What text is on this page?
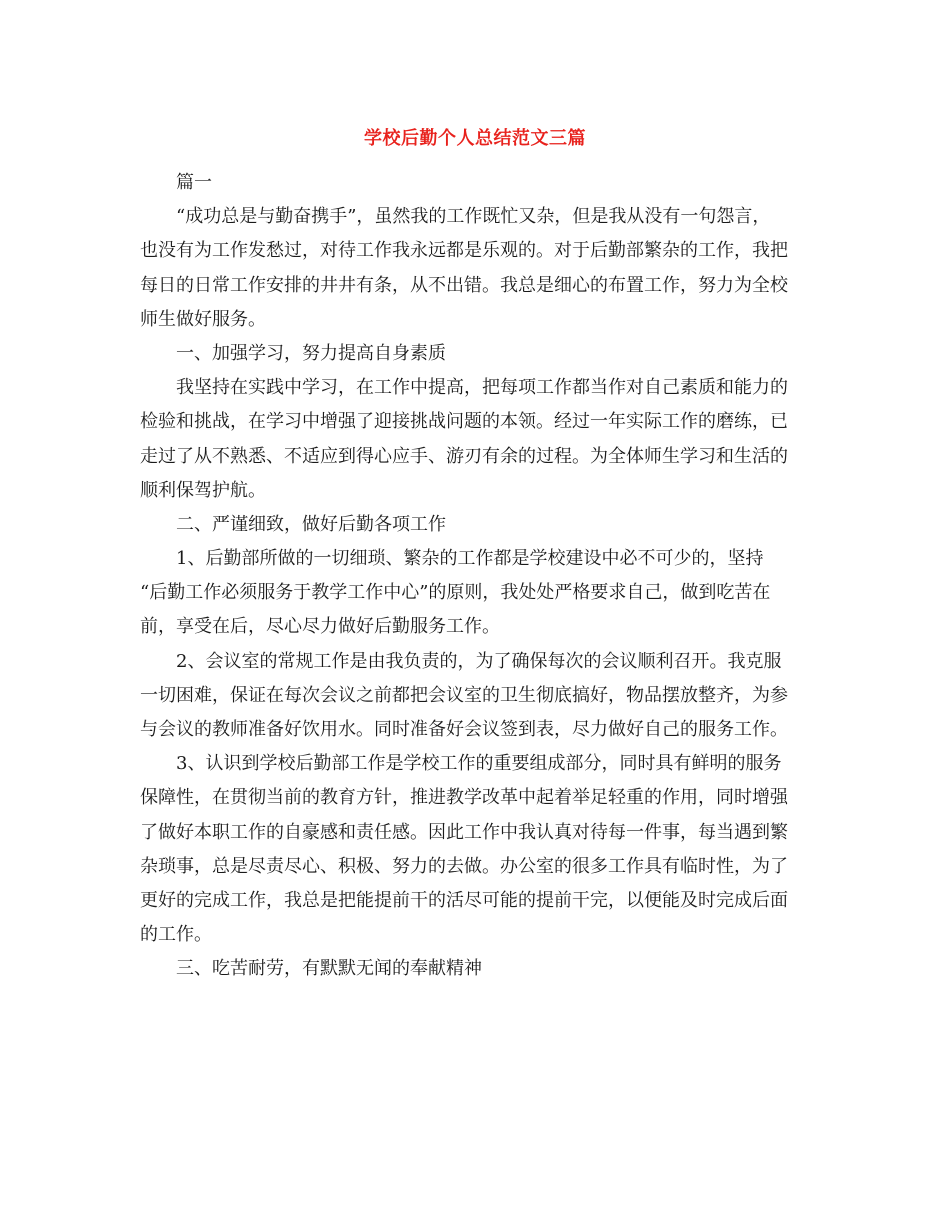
学校后勤个人总结范文三篇
篇一
“成功总是与勤奋携手”，虽然我的工作既忙又杂，但是我从没有一句怨言，
也没有为工作发愁过，对待工作我永远都是乐观的。对于后勤部繁杂的工作，我把
每日的日常工作安排的井井有条，从不出错。我总是细心的布置工作，努力为全校
师生做好服务。
一、加强学习，努力提高自身素质
我坚持在实践中学习，在工作中提高，把每项工作都当作对自己素质和能力的
检验和挑战，在学习中增强了迎接挑战问题的本领。经过一年实际工作的磨练，已
走过了从不熟悉、不适应到得心应手、游刃有余的过程。为全体师生学习和生活的
顺利保驾护航。
二、严谨细致，做好后勤各项工作
1、后勤部所做的一切细琐、繁杂的工作都是学校建设中必不可少的，坚持
“后勤工作必须服务于教学工作中心”的原则，我处处严格要求自己，做到吃苦在
前，享受在后，尽心尽力做好后勤服务工作。
2、会议室的常规工作是由我负责的，为了确保每次的会议顺利召开。我克服
一切困难，保证在每次会议之前都把会议室的卫生彻底搞好，物品摆放整齐，为参
与会议的教师准备好饮用水。同时准备好会议签到表，尽力做好自己的服务工作。
3、认识到学校后勤部工作是学校工作的重要组成部分，同时具有鲜明的服务
保障性，在贯彻当前的教育方针，推进教学改革中起着举足轻重的作用，同时增强
了做好本职工作的自豪感和责任感。因此工作中我认真对待每一件事，每当遇到繁
杂琐事，总是尽责尽心、积极、努力的去做。办公室的很多工作具有临时性，为了
更好的完成工作，我总是把能提前干的活尽可能的提前干完，以便能及时完成后面
的工作。
三、吃苦耐劳，有默默无闻的奉献精神
